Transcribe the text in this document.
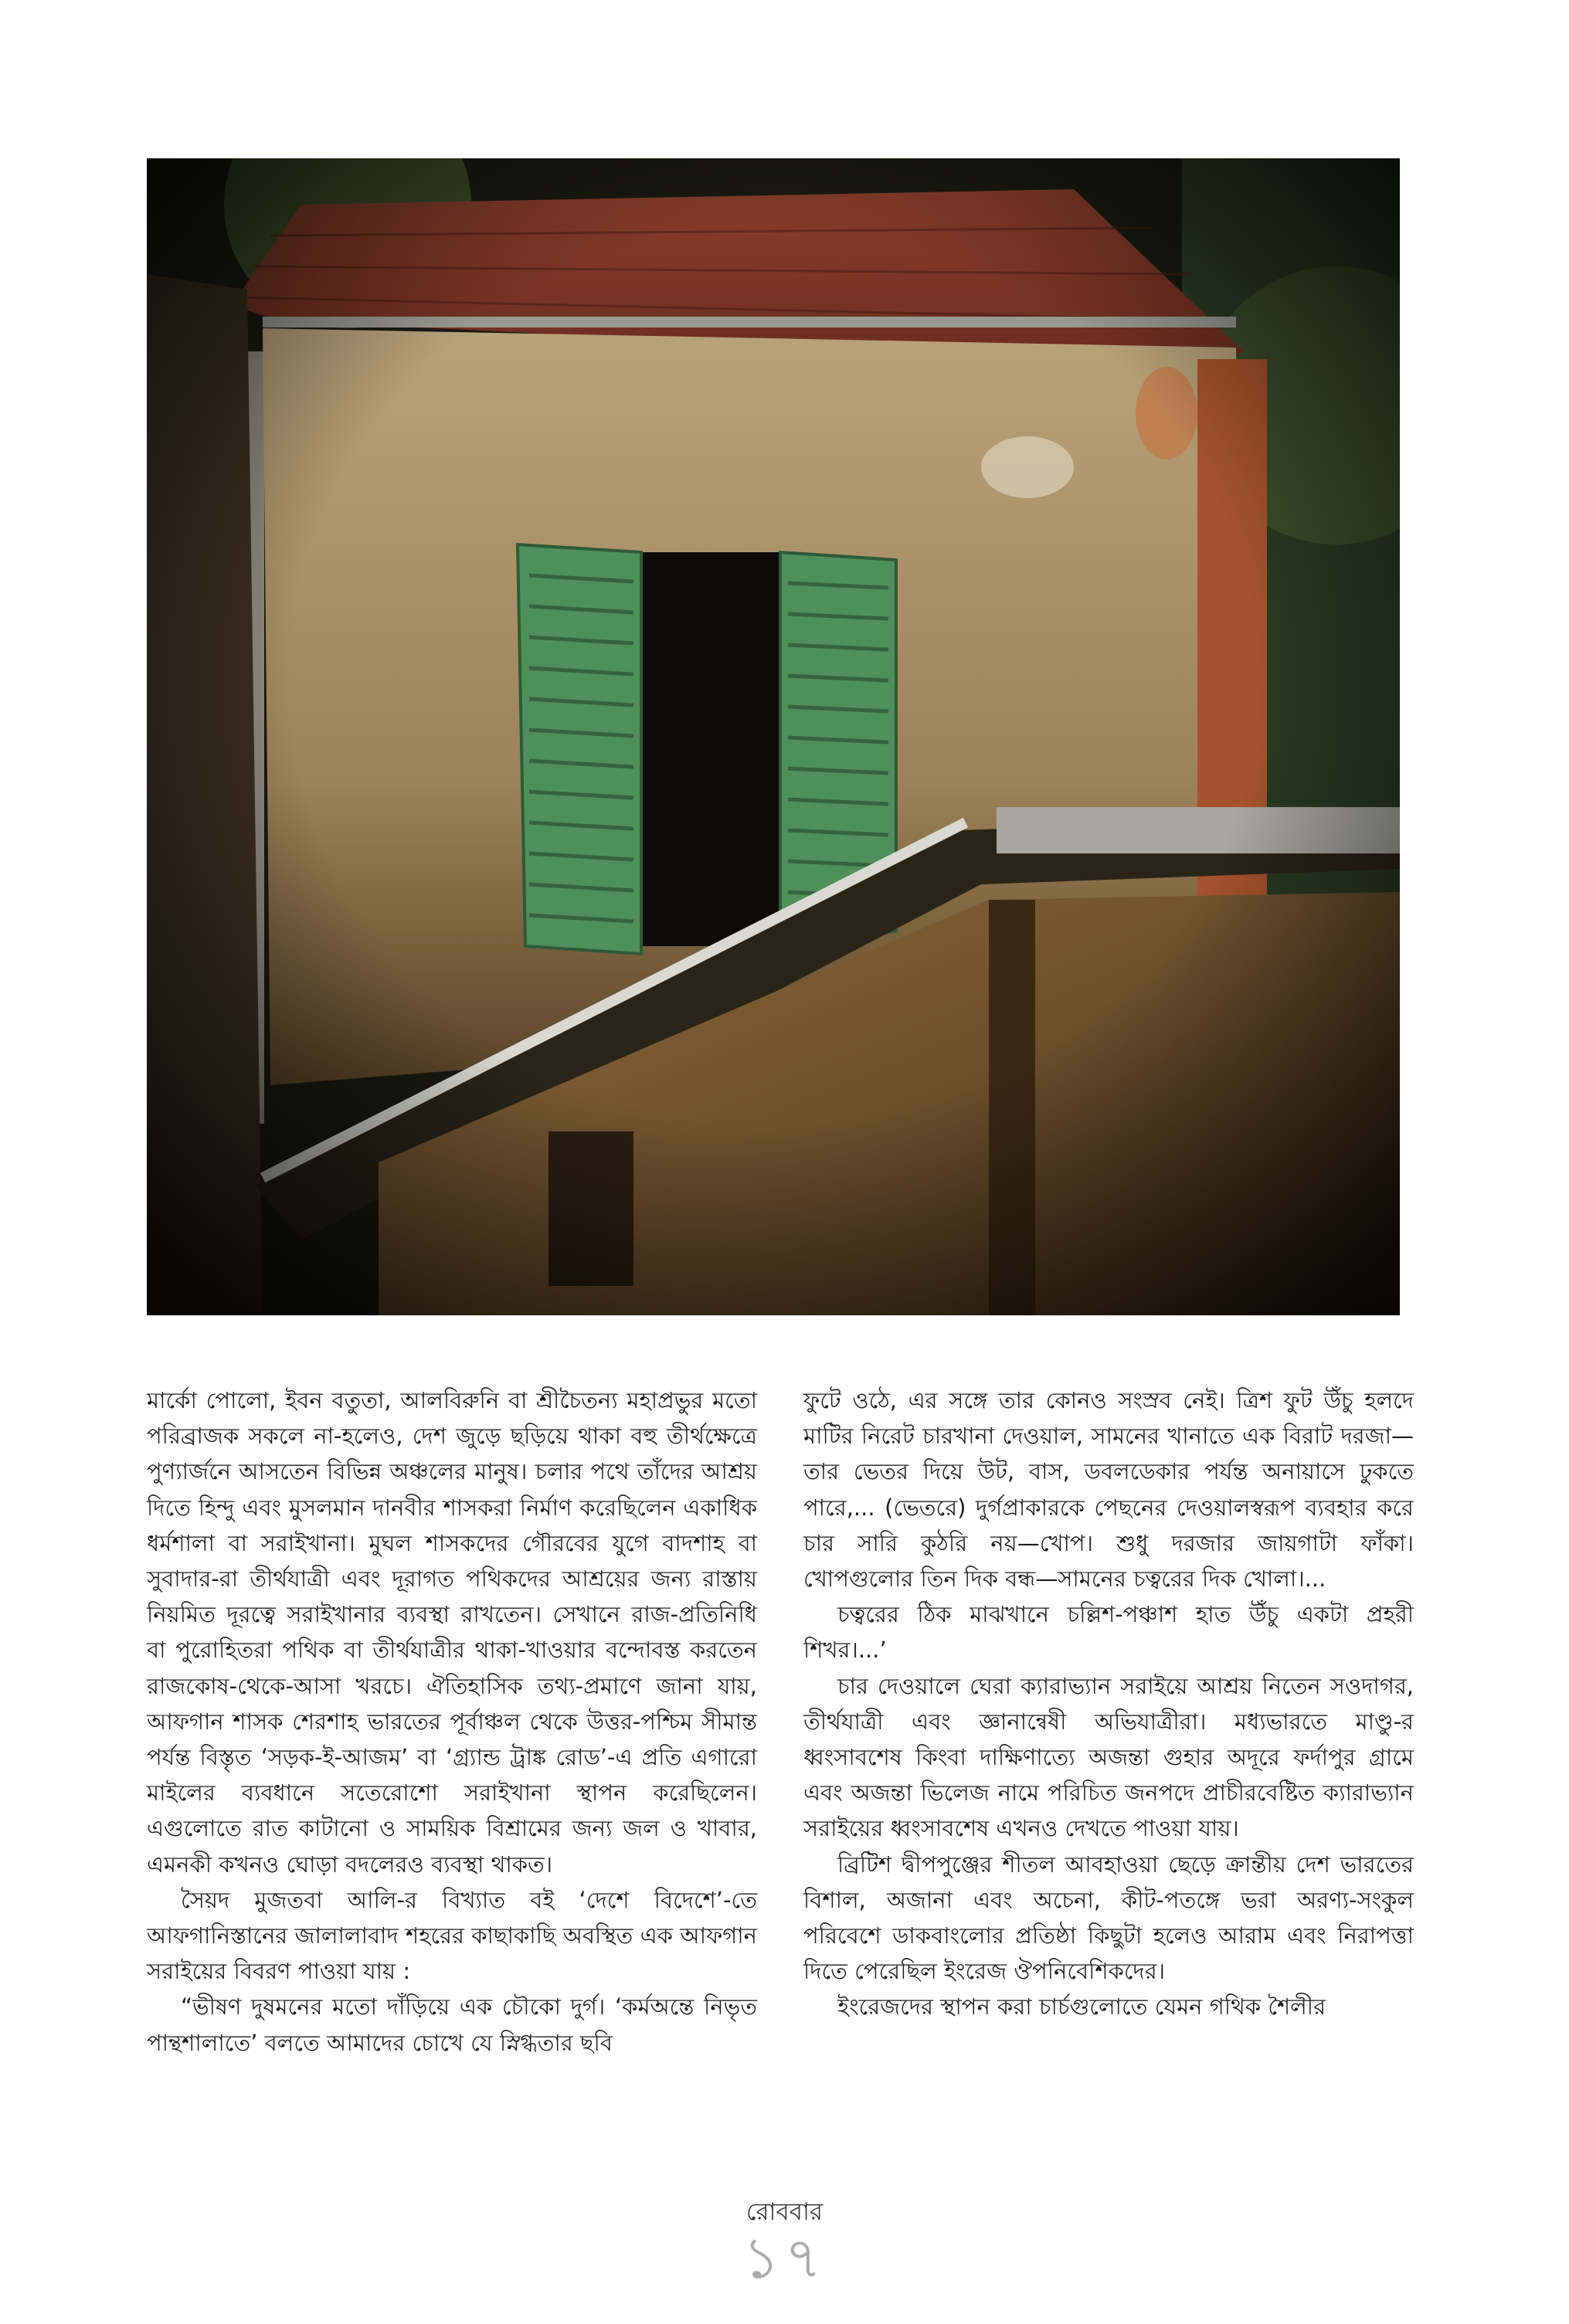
মার্কো পোলো, ইবন বতুতা, আলবিরুনি বা শ্রীচৈতন্য মহাপ্রভুর মতো পরিব্রাজক সকলে না-হলেও, দেশ জুড়ে ছড়িয়ে থাকা বহু তীর্থক্ষেত্রে পুণ্যার্জনে আসতেন বিভিন্ন অঞ্চলের মানুষ। চলার পথে তাঁদের আশ্রয় দিতে হিন্দু এবং মুসলমান দানবীর শাসকরা নির্মাণ করেছিলেন একাধিক ধর্মশালা বা সরাইখানা। মুঘল শাসকদের গৌরবের যুগে বাদশাহ বা সুবাদার-রা তীর্থযাত্রী এবং দূরাগত পথিকদের আশ্রয়ের জন্য রাস্তায় নিয়মিত দূরত্বে সরাইখানার ব্যবস্থা রাখতেন। সেখানে রাজ-প্রতিনিধি বা পুরোহিতরা পথিক বা তীর্থযাত্রীর থাকা-খাওয়ার বন্দোবস্ত করতেন রাজকোষ-থেকে-আসা খরচে। ঐতিহাসিক তথ্য-প্রমাণে জানা যায়, আফগান শাসক শেরশাহ ভারতের পূর্বাঞ্চল থেকে উত্তর-পশ্চিম সীমান্ত পর্যন্ত বিস্তৃত ‘সড়ক-ই-আজম’ বা ‘গ্র্যান্ড ট্রাঙ্ক রোড’-এ প্রতি এগারো মাইলের ব্যবধানে সতেরোশো সরাইখানা স্থাপন করেছিলেন। এগুলোতে রাত কাটানো ও সাময়িক বিশ্রামের জন্য জল ও খাবার, এমনকী কখনও ঘোড়া বদলেরও ব্যবস্থা থাকত।

সৈয়দ মুজতবা আলি-র বিখ্যাত বই ‘দেশে বিদেশে’-তে আফগানিস্তানের জালালাবাদ শহরের কাছাকাছি অবস্থিত এক আফগান সরাইয়ের বিবরণ পাওয়া যায় :

“ভীষণ দুষমনের মতো দাঁড়িয়ে এক চৌকো দুর্গ। ‘কর্মঅন্তে নিভৃত পান্থশালাতে’ বলতে আমাদের চোখে যে স্নিগ্ধতার ছবি

ফুটে ওঠে, এর সঙ্গে তার কোনও সংস্রব নেই। ত্রিশ ফুট উঁচু হলদে মাটির নিরেট চারখানা দেওয়াল, সামনের খানাতে এক বিরাট দরজা—তার ভেতর দিয়ে উট, বাস, ডবলডেকার পর্যন্ত অনায়াসে ঢুকতে পারে,... (ভেতরে) দুর্গপ্রাকারকে পেছনের দেওয়ালস্বরূপ ব্যবহার করে চার সারি কুঠরি নয়—খোপ। শুধু দরজার জায়গাটা ফাঁকা। খোপগুলোর তিন দিক বন্ধ—সামনের চত্বরের দিক খোলা।...

চত্বরের ঠিক মাঝখানে চল্লিশ-পঞ্চাশ হাত উঁচু একটা প্রহরী শিখর।...’

চার দেওয়ালে ঘেরা ক্যারাভ্যান সরাইয়ে আশ্রয় নিতেন সওদাগর, তীর্থযাত্রী এবং জ্ঞানান্বেষী অভিযাত্রীরা। মধ্যভারতে মাণ্ডু-র ধ্বংসাবশেষ কিংবা দাক্ষিণাত্যে অজন্তা গুহার অদূরে ফর্দাপুর গ্রামে এবং অজন্তা ভিলেজ নামে পরিচিত জনপদে প্রাচীরবেষ্টিত ক্যারাভ্যান সরাইয়ের ধ্বংসাবশেষ এখনও দেখতে পাওয়া যায়।

ব্রিটিশ দ্বীপপুঞ্জের শীতল আবহাওয়া ছেড়ে ক্রান্তীয় দেশ ভারতের বিশাল, অজানা এবং অচেনা, কীট-পতঙ্গে ভরা অরণ্য-সংকুল পরিবেশে ডাকবাংলোর প্রতিষ্ঠা কিছুটা হলেও আরাম এবং নিরাপত্তা দিতে পেরেছিল ইংরেজ ঔপনিবেশিকদের।

ইংরেজদের স্থাপন করা চার্চগুলোতে যেমন গথিক শৈলীর

রোববার
১৭
